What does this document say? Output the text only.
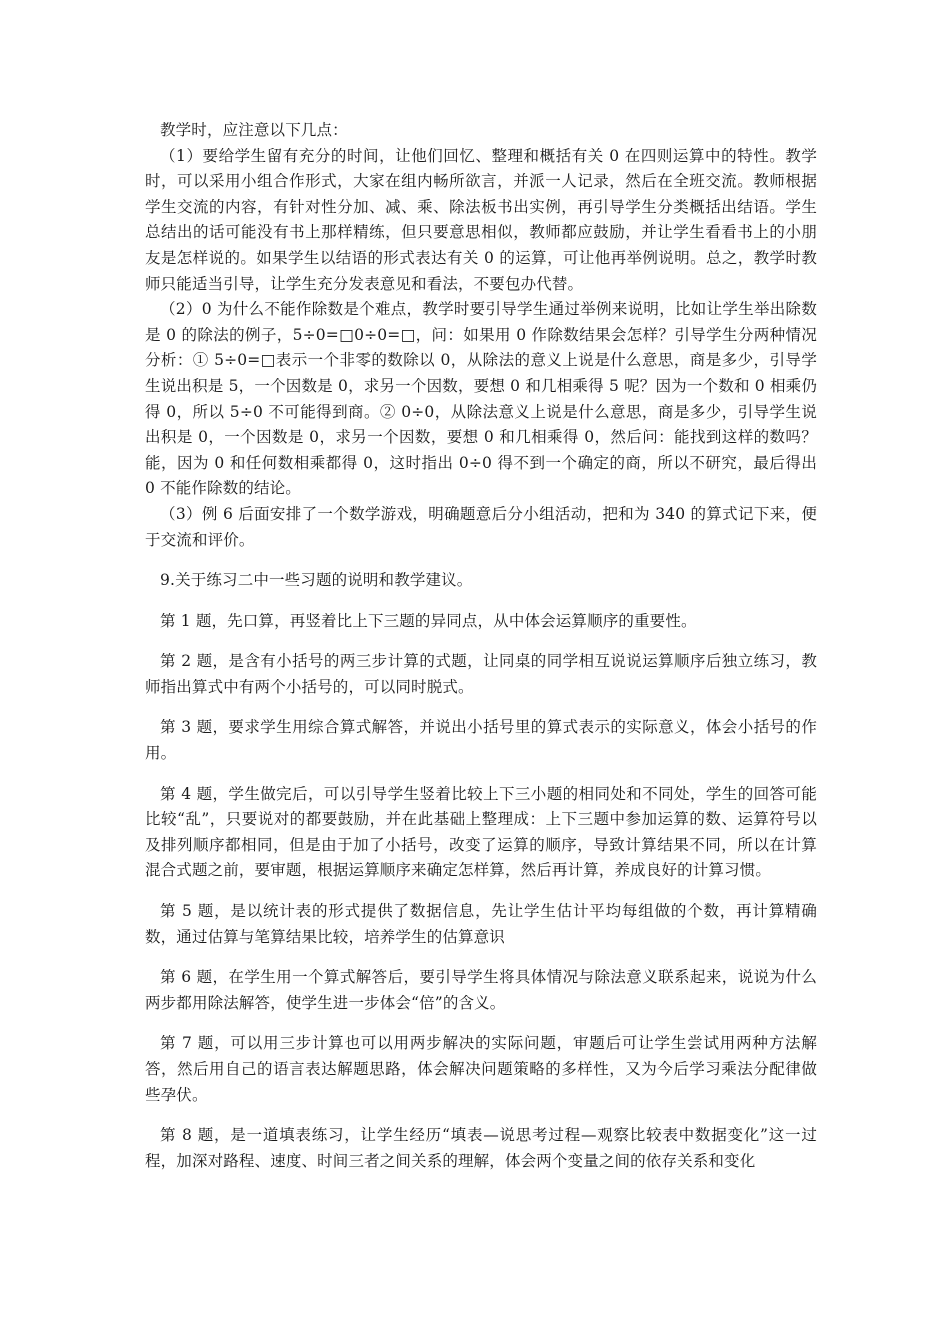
教学时，应注意以下几点：

（1）要给学生留有充分的时间，让他们回忆、整理和概括有关 0 在四则运算中的特性。教学时，可以采用小组合作形式，大家在组内畅所欲言，并派一人记录，然后在全班交流。教师根据学生交流的内容，有针对性分加、减、乘、除法板书出实例，再引导学生分类概括出结语。学生总结出的话可能没有书上那样精练，但只要意思相似，教师都应鼓励，并让学生看看书上的小朋友是怎样说的。如果学生以结语的形式表达有关 0 的运算，可让他再举例说明。总之，教学时教师只能适当引导，让学生充分发表意见和看法，不要包办代替。

（2）0 为什么不能作除数是个难点，教学时要引导学生通过举例来说明，比如让学生举出除数是 0 的除法的例子，5÷0=□0÷0=□，问：如果用 0 作除数结果会怎样？引导学生分两种情况分析：① 5÷0=□表示一个非零的数除以 0，从除法的意义上说是什么意思，商是多少，引导学生说出积是 5，一个因数是 0，求另一个因数，要想 0 和几相乘得 5 呢？因为一个数和 0 相乘仍得 0，所以 5÷0 不可能得到商。② 0÷0，从除法意义上说是什么意思，商是多少，引导学生说出积是 0，一个因数是 0，求另一个因数，要想 0 和几相乘得 0，然后问：能找到这样的数吗？能，因为 0 和任何数相乘都得 0，这时指出 0÷0 得不到一个确定的商，所以不研究，最后得出 0 不能作除数的结论。

（3）例 6 后面安排了一个数学游戏，明确题意后分小组活动，把和为 340 的算式记下来，便于交流和评价。

9.关于练习二中一些习题的说明和教学建议。

第 1 题，先口算，再竖着比上下三题的异同点，从中体会运算顺序的重要性。

第 2 题，是含有小括号的两三步计算的式题，让同桌的同学相互说说运算顺序后独立练习，教师指出算式中有两个小括号的，可以同时脱式。

第 3 题，要求学生用综合算式解答，并说出小括号里的算式表示的实际意义，体会小括号的作用。

第 4 题，学生做完后，可以引导学生竖着比较上下三小题的相同处和不同处，学生的回答可能比较“乱”，只要说对的都要鼓励，并在此基础上整理成：上下三题中参加运算的数、运算符号以及排列顺序都相同，但是由于加了小括号，改变了运算的顺序，导致计算结果不同，所以在计算混合式题之前，要审题，根据运算顺序来确定怎样算，然后再计算，养成良好的计算习惯。

第 5 题，是以统计表的形式提供了数据信息，先让学生估计平均每组做的个数，再计算精确数，通过估算与笔算结果比较，培养学生的估算意识

第 6 题，在学生用一个算式解答后，要引导学生将具体情况与除法意义联系起来，说说为什么两步都用除法解答，使学生进一步体会“倍”的含义。

第 7 题，可以用三步计算也可以用两步解决的实际问题，审题后可让学生尝试用两种方法解答，然后用自己的语言表达解题思路，体会解决问题策略的多样性，又为今后学习乘法分配律做些孕伏。

第 8 题，是一道填表练习，让学生经历“填表—说思考过程—观察比较表中数据变化”这一过程，加深对路程、速度、时间三者之间关系的理解，体会两个变量之间的依存关系和变化
